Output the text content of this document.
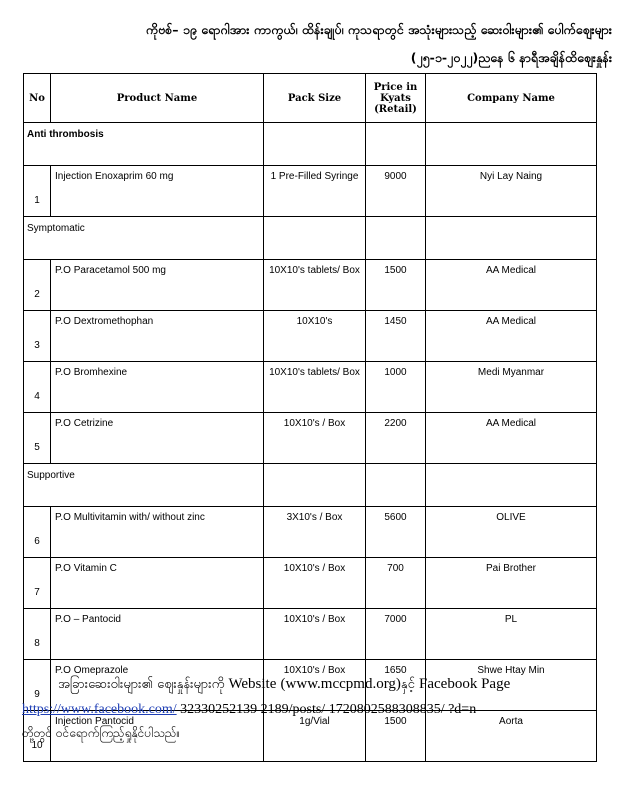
ကိုဗစ်– ၁၉ ရောဂါအား ကာကွယ်၊ ထိန်းချုပ်၊ ကုသရာတွင် အသုံးများသည့် ဆေးဝါးများ၏ ပေါက်ဈေးများ
(၂၅-၁-၂၀၂၂)ညနေ ၆ နာရီအချိန်ထိဈေးနှုန်း
No	Product Name	Pack Size	Price in
Kyats
(Retail)	Company Name
Anti thrombosis				
1	Injection Enoxaprim 60 mg	1 Pre-Filled Syringe	9000	Nyi Lay Naing
Symptomatic				
2	P.O Paracetamol 500 mg	10X10's tablets/ Box	1500	AA Medical
3	P.O Dextromethophan	10X10's	1450	AA Medical
4	P.O Bromhexine	10X10's tablets/ Box	1000	Medi Myanmar
5	P.O Cetrizine	10X10's / Box	2200	AA Medical
Supportive				
6	P.O Multivitamin with/ without zinc	3X10's / Box	5600	OLIVE
7	P.O Vitamin C	10X10's / Box	700	Pai Brother
8	P.O – Pantocid	10X10's / Box	7000	PL
9	P.O Omeprazole	10X10's / Box	1650	Shwe Htay Min
10	Injection Pantocid	1g/Vial	1500	Aorta
အခြားဆေးဝါးများ၏ ဈေးနှုန်းများကို Website (www.mccpmd.org)နှင့် Facebook Page
https://www.facebook.com/ 32330252139 2189/posts/ 1720802588308835/ ?d=n
တို့တွင် ဝင်ရောက်ကြည့်ရှုနိုင်ပါသည်။
